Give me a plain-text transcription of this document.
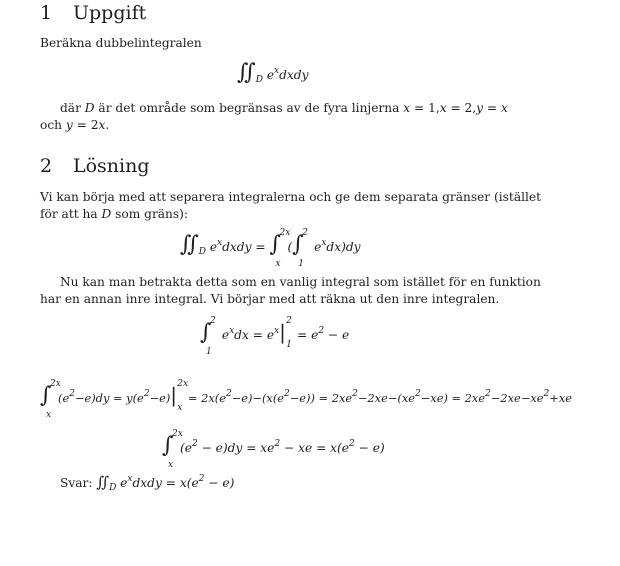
1 Uppgift
Beräkna dubbelintegralen
$∬_D$ $e^xdxdy$
där D är det område som begränsas av de fyra linjerna x = 1,x = 2,y = x
och y = 2x.
2 Lösning
Vi kan börja med att separera integralerna och ge dem separata gränser (istället
för att ha D som gräns):
$∬_D$ $e^xdxdy$ = ∫
2x
x
(∫
2
1
$e^xdx)dy$
Nu kan man betrakta detta som en vanlig integral som istället för en funktion
har en annan inre integral. Vi börjar med att räkna ut den inre integralen.
∫
2
1
$e^xdx = e^x|$ 2
1
= $e^2 - e$
∫
2x
x
$(e^2-e)dy = y(e^2-e)|$ 2x
x
= $2x(e^2-e)-(x(e^2-e)) = 2xe^2-2xe-(xe^2-xe) = 2xe^2-2xe-xe^2+xe$
∫
2x
x
$(e^2 - e)dy = xe^2$ − xe = $x(e^2 - e)$
Svar: $∬_D$ $e^xdxdy = x(e^2 - e)$
